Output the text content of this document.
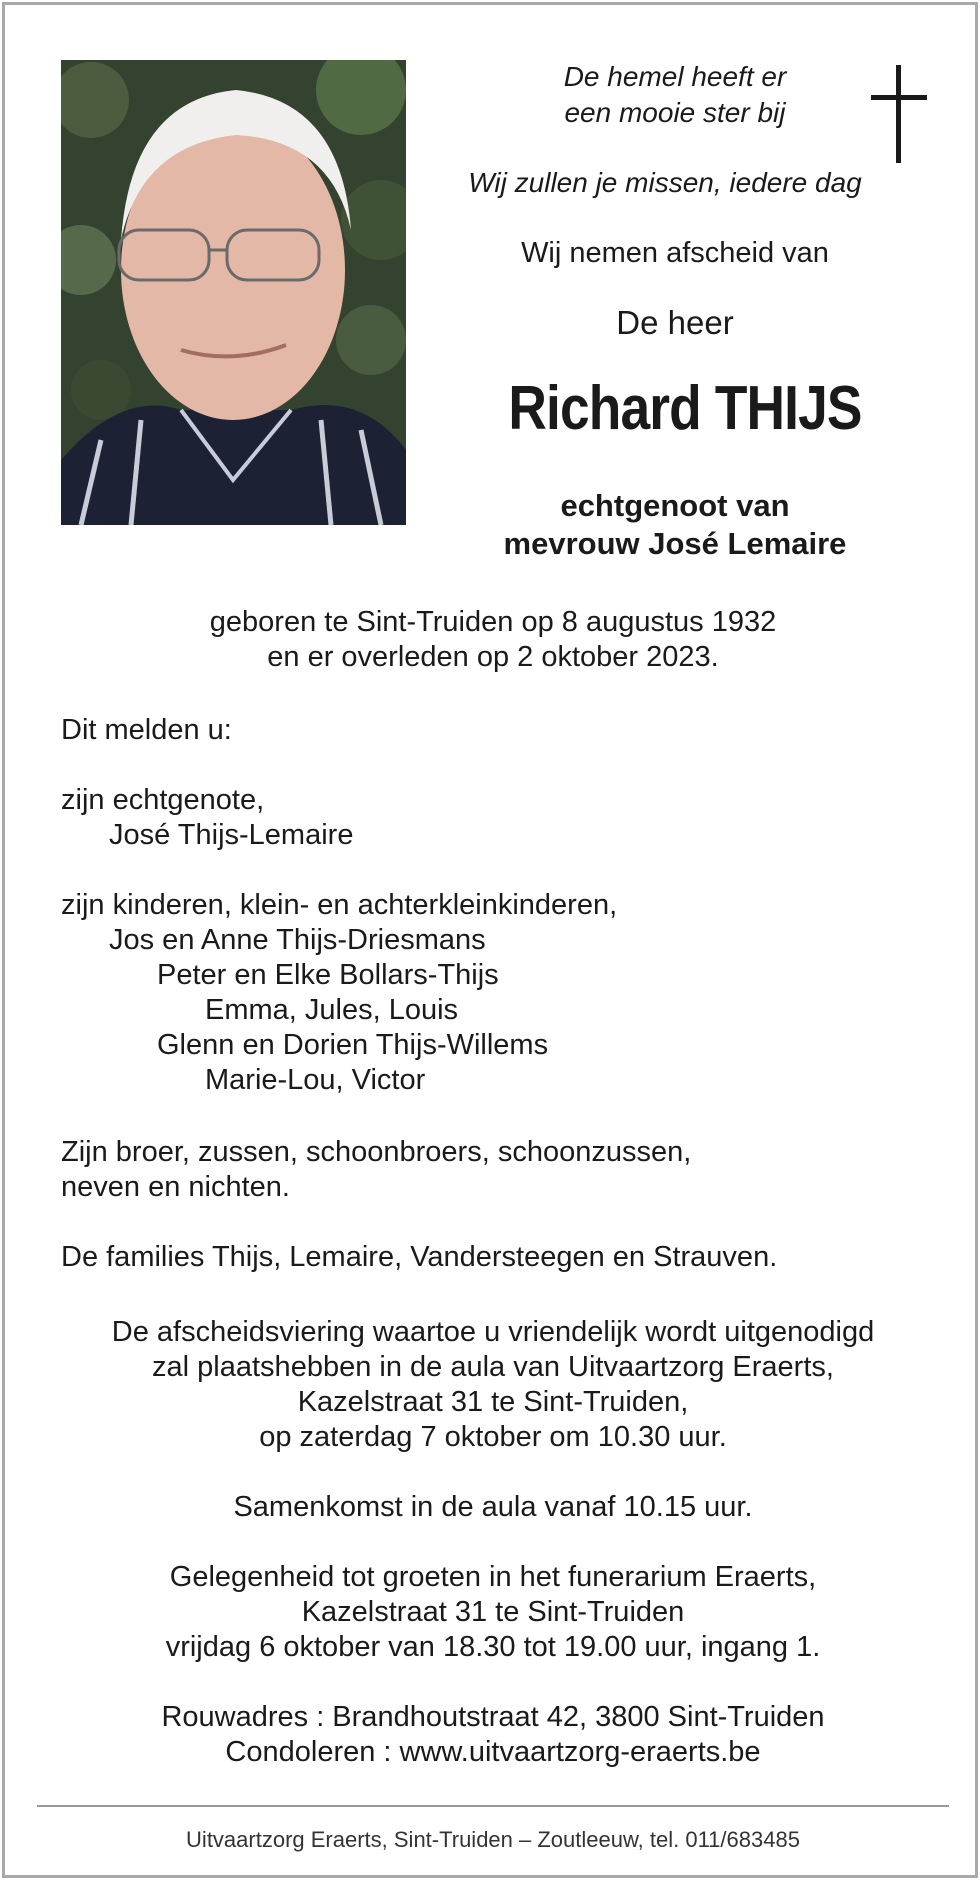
De hemel heeft er
een mooie ster bij
Wij zullen je missen, iedere dag
Wij nemen afscheid van
De heer
Richard THIJS
echtgenoot van
mevrouw José Lemaire
geboren te Sint-Truiden op 8 augustus 1932
en er overleden op 2 oktober 2023.
Dit melden u:
zijn echtgenote,
José Thijs-Lemaire
zijn kinderen, klein- en achterkleinkinderen,
Jos en Anne Thijs-Driesmans
Peter en Elke Bollars-Thijs
Emma, Jules, Louis
Glenn en Dorien Thijs-Willems
Marie-Lou, Victor
Zijn broer, zussen, schoonbroers, schoonzussen,
neven en nichten.
De families Thijs, Lemaire, Vandersteegen en Strauven.
De afscheidsviering waartoe u vriendelijk wordt uitgenodigd
zal plaatshebben in de aula van Uitvaartzorg Eraerts,
Kazelstraat 31 te Sint-Truiden,
op zaterdag 7 oktober om 10.30 uur.
Samenkomst in de aula vanaf 10.15 uur.
Gelegenheid tot groeten in het funerarium Eraerts,
Kazelstraat 31 te Sint-Truiden
vrijdag 6 oktober van 18.30 tot 19.00 uur, ingang 1.
Rouwadres : Brandhoutstraat 42, 3800 Sint-Truiden
Condoleren : www.uitvaartzorg-eraerts.be
Uitvaartzorg Eraerts, Sint-Truiden – Zoutleeuw, tel. 011/683485
